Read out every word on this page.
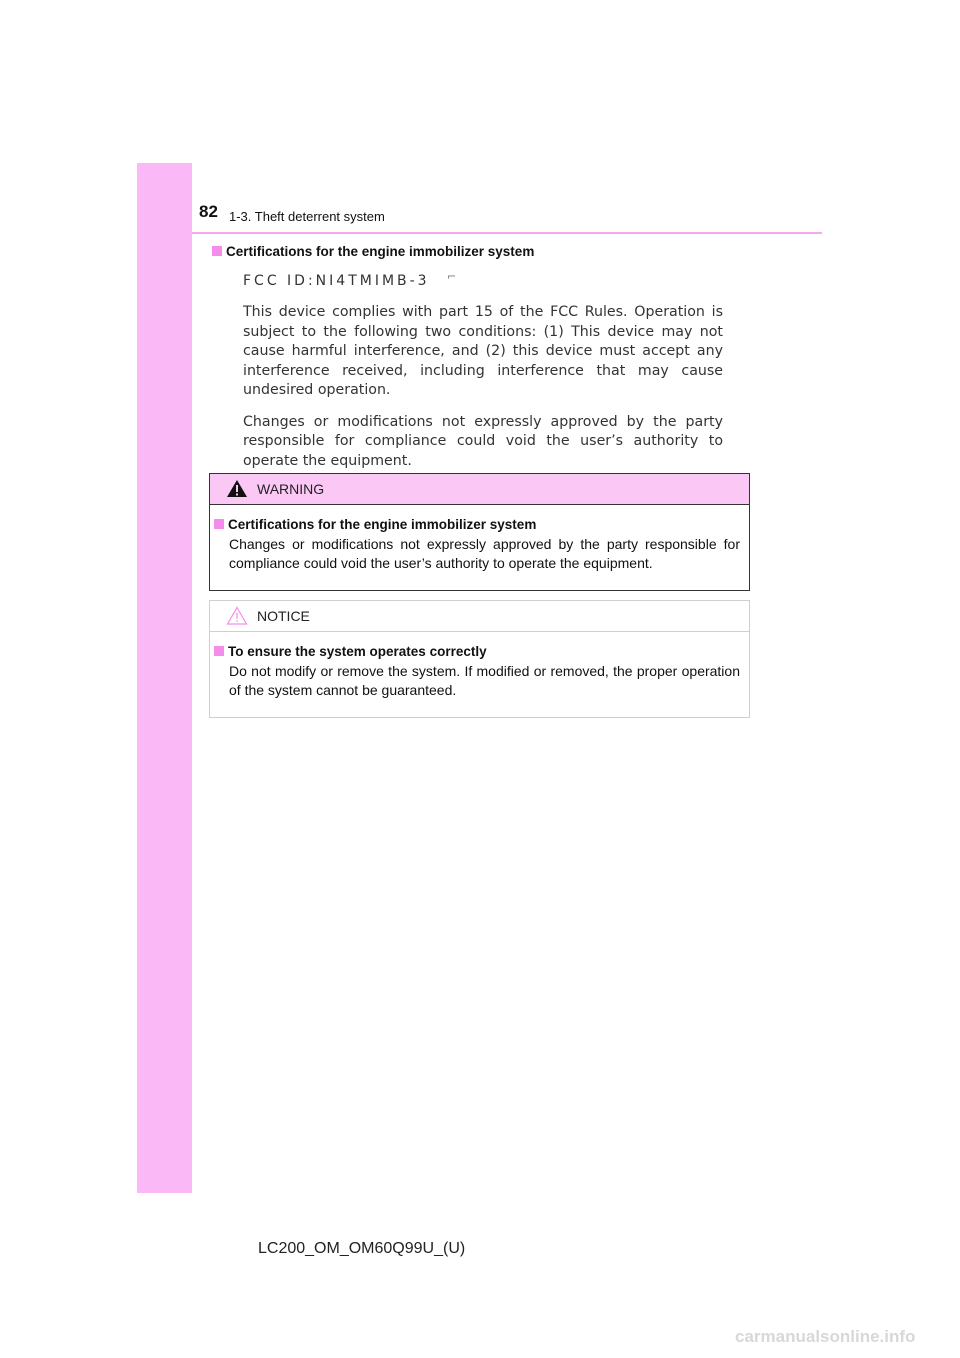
82 1-3. Theft deterrent system
Certifications for the engine immobilizer system
FCC ID:NI4TMIMB-3	⌐

This device complies with part 15 of the FCC Rules. Operation is subject to the following two conditions: (1) This device may not cause harmful interference, and (2) this device must accept any interference received, including interference that may cause undesired operation.

Changes or modifications not expressly approved by the party responsible for compliance could void the user’s authority to operate the equipment.

WARNING
Certifications for the engine immobilizer system
Changes or modifications not expressly approved by the party responsible for compliance could void the user’s authority to operate the equipment.
NOTICE
To ensure the system operates correctly
Do not modify or remove the system. If modified or removed, the proper operation of the system cannot be guaranteed.
LC200_OM_OM60Q99U_(U)
carmanualsonline.info
